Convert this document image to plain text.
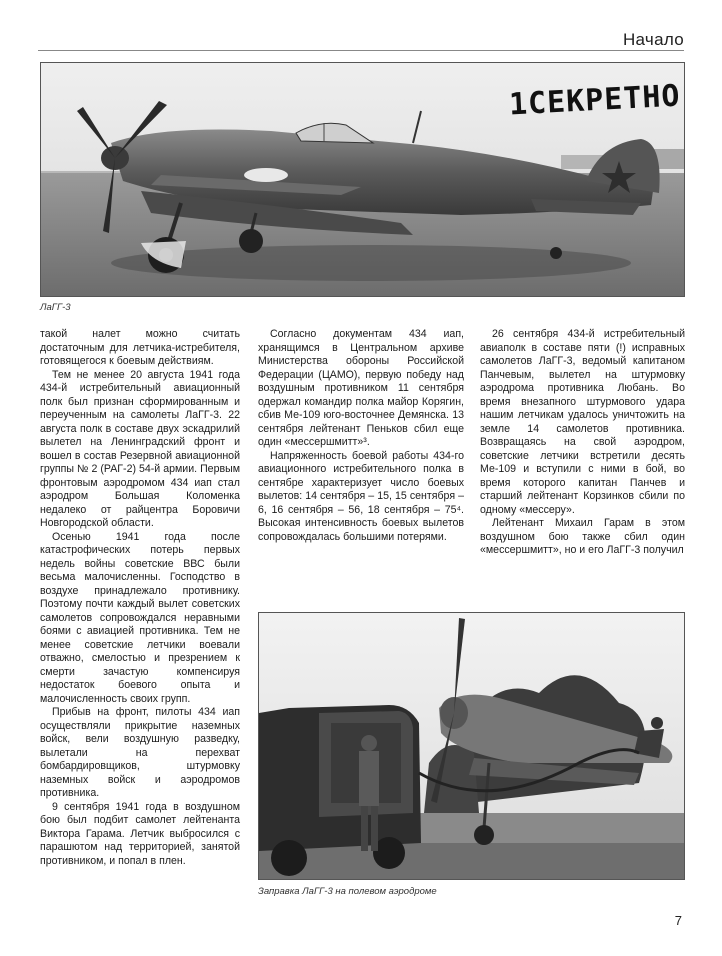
Начало
1СЕКРЕТНО
ЛаГГ-3

такой налет можно считать достаточным для летчика-истребителя, готовящегося к боевым действиям.

Тем не менее 20 августа 1941 года 434-й истребительный авиационный полк был признан сформированным и переученным на самолеты ЛаГГ-3. 22 августа полк в составе двух эскадрилий вылетел на Ленинградский фронт и вошел в состав Резервной авиационной группы № 2 (РАГ-2) 54-й армии. Первым фронтовым аэродромом 434 иап стал аэродром Большая Коломенка недалеко от райцентра Боровичи Новгородской области.

Осенью 1941 года после катастрофических потерь первых недель войны советские ВВС были весьма малочисленны. Господство в воздухе принадлежало противнику. Поэтому почти каждый вылет советских самолетов сопровождался неравными боями с авиацией противника. Тем не менее советские летчики воевали отважно, смелостью и презрением к смерти зачастую компенсируя недостаток боевого опыта и малочисленность своих групп.

Прибыв на фронт, пилоты 434 иап осуществляли прикрытие наземных войск, вели воздушную разведку, вылетали на перехват бомбардировщиков, штурмовку наземных войск и аэродромов противника.

9 сентября 1941 года в воздушном бою был подбит самолет лейтенанта Виктора Гарама. Летчик выбросился с парашютом над территорией, занятой противником, и попал в плен.

Согласно документам 434 иап, хранящимся в Центральном архиве Министерства обороны Российской Федерации (ЦАМО), первую победу над воздушным противником 11 сентября одержал командир полка майор Корягин, сбив Ме-109 юго-восточнее Демянска. 13 сентября лейтенант Пеньков сбил еще один «мессершмитт»³.

Напряженность боевой работы 434-го авиационного истребительного полка в сентябре характеризует число боевых вылетов: 14 сентября – 15, 15 сентября – 6, 16 сентября – 56, 18 сентября – 75⁴. Высокая интенсивность боевых вылетов сопровождалась большими потерями.

26 сентября 434-й истребительный авиаполк в составе пяти (!) исправных самолетов ЛаГГ-3, ведомый капитаном Панчевым, вылетел на штурмовку аэродрома противника Любань. Во время внезапного штурмового удара нашим летчикам удалось уничтожить на земле 14 самолетов противника. Возвращаясь на свой аэродром, советские летчики встретили десять Ме-109 и вступили с ними в бой, во время которого капитан Панчев и старший лейтенант Корзинков сбили по одному «мессеру».

Лейтенант Михаил Гарам в этом воздушном бою также сбил один «мессершмитт», но и его ЛаГГ-3 получил

Заправка ЛаГГ-3 на полевом аэродроме
7
